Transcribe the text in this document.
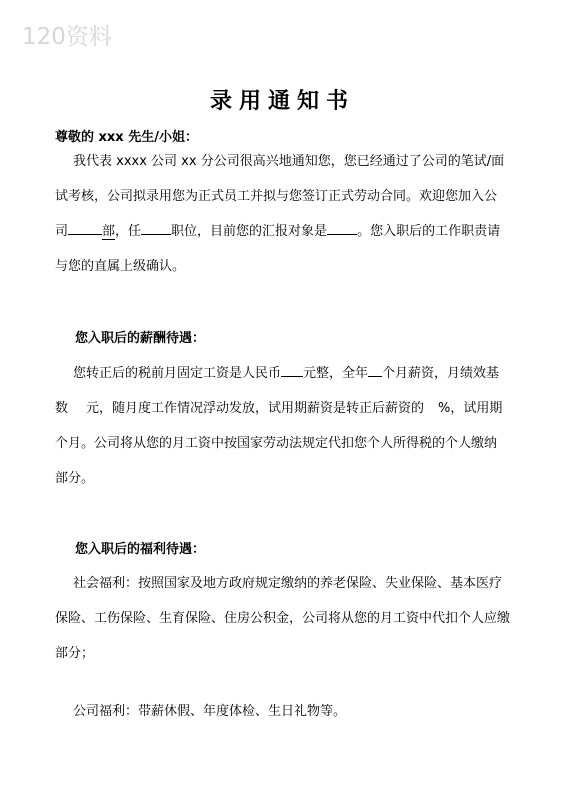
120资料
录用通知书
尊敬的 xxx 先生/小姐：
我代表 xxxx 公司 xx 分公司很高兴地通知您，您已经通过了公司的笔试/面
试考核，公司拟录用您为正式员工并拟与您签订正式劳动合同。欢迎您加入公
司	部，任 职位，目前您的汇报对象是 。您入职后的工作职责请
与您的直属上级确认。
您入职后的薪酬待遇：
您转正后的税前月固定工资是人民币 元整，全年 个月薪资，月绩效基
数 元，随月度工作情况浮动发放，试用期薪资是转正后薪资的 %，试用期
个月。公司将从您的月工资中按国家劳动法规定代扣您个人所得税的个人缴纳
部分。
您入职后的福利待遇：
社会福利：按照国家及地方政府规定缴纳的养老保险、失业保险、基本医疗
保险、工伤保险、生育保险、住房公积金，公司将从您的月工资中代扣个人应缴
部分；
公司福利：带薪休假、年度体检、生日礼物等。
